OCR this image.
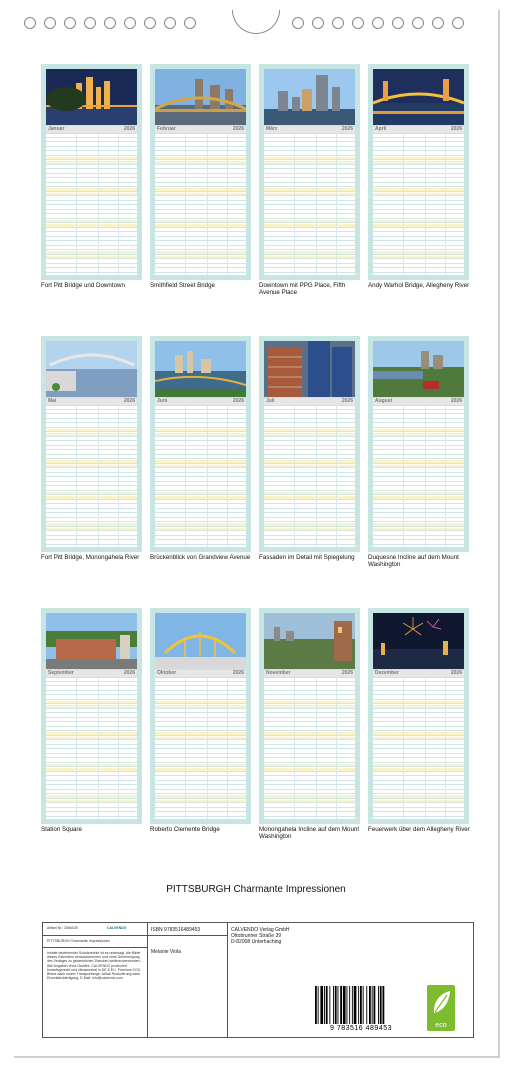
Januar	2026
Fort Pitt Bridge und Downtown
Februar	2026
Smithfield Street Bridge
März	2026
Downtown mit PPG Place, Fifth Avenue Place
April	2026
Andy Warhol Bridge, Allegheny River
Mai	2026
Fort Pitt Bridge, Monongahela River
Juni	2026
Brückenblick von Grandview Avenue
Juli	2026
Fassaden im Detail mit Spiegelung
August	2026
Duquesne Incline auf dem Mount Washington
September	2026
Station Square
Oktober	2026
Roberto Clemente Bridge
November	2026
Monongahela Incline auf dem Mount Washington
Dezember	2026
Feuerwerk über dem Allegheny River
PITTSBURGH Charmante Impressionen
Artikel Nr.: 2066025	CALVENDO
PITTSBURGH Charmante Impressionen
Inhalte bestehender Schutzrechte ist es untersagt, die Bilder dieses Kalenders herauszutrennen und ohne Genehmigung des Verlages zu gewerblichen Zwecken weiterzuverwenden. Alle Angaben ohne Gewähr. CALVENDO produziert bedarfsgerecht und klimaneutral in DE & EU. Premium CO2-Bilanz dank kurzer Transportwege. Abfall-Reduzierung dank Einzelstückfertigung. E-Mail: info@calvendo.com
ISBN 9783516489453
Melanie Viola
CALVENDO Verlag GmbH
Ottobrunner Straße 39
D-82008 Unterhaching
9 783516 489453	eco
